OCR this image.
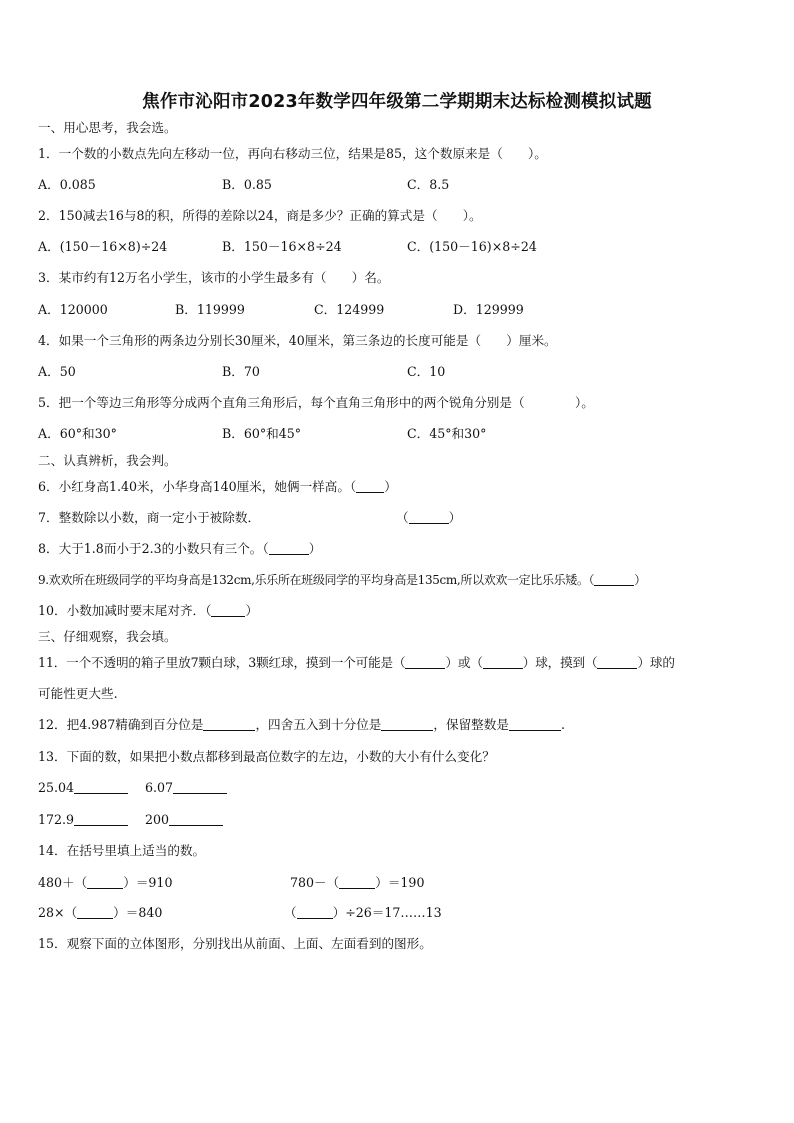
焦作市沁阳市2023年数学四年级第二学期期末达标检测模拟试题
一、用心思考，我会选。
1．一个数的小数点先向左移动一位，再向右移动三位，结果是85，这个数原来是（　　）。
A．0.085	B．0.85	C．8.5
2．150减去16与8的积，所得的差除以24，商是多少？正确的算式是（　　）。
A．(150－16×8)÷24	B．150－16×8÷24	C．(150－16)×8÷24
3．某市约有12万名小学生，该市的小学生最多有（　　）名。
A．120000	B．119999	C．124999	D．129999
4．如果一个三角形的两条边分别长30厘米，40厘米，第三条边的长度可能是（　　）厘米。
A．50	B．70	C．10
5．把一个等边三角形等分成两个直角三角形后，每个直角三角形中的两个锐角分别是（　　　　）。
A．60°和30°	B．60°和45°	C．45°和30°
二、认真辨析，我会判。
6．小红身高1.40米，小华身高140厘米，她俩一样高。（ ）
7．整数除以小数，商一定小于被除数．	（	）
8．大于1.8而小于2.3的小数只有三个。（	）
9.欢欢所在班级同学的平均身高是132cm,乐乐所在班级同学的平均身高是135cm,所以欢欢一定比乐乐矮。（	）
10．小数加减时要末尾对齐．（	）
三、仔细观察，我会填。
11．一个不透明的箱子里放7颗白球，3颗红球，摸到一个可能是（	）或（	）球，摸到（	）球的
可能性更大些.
12．把4.987精确到百分位是	，四舍五入到十分位是	，保留整数是	.
13．下面的数，如果把小数点都移到最高位数字的左边，小数的大小有什么变化？
25.04	6.07
172.9	200
14．在括号里填上适当的数。
480＋（	）＝910	780－（	）＝190
28×（	）＝840	（	）÷26＝17……13
15．观察下面的立体图形，分别找出从前面、上面、左面看到的图形。
